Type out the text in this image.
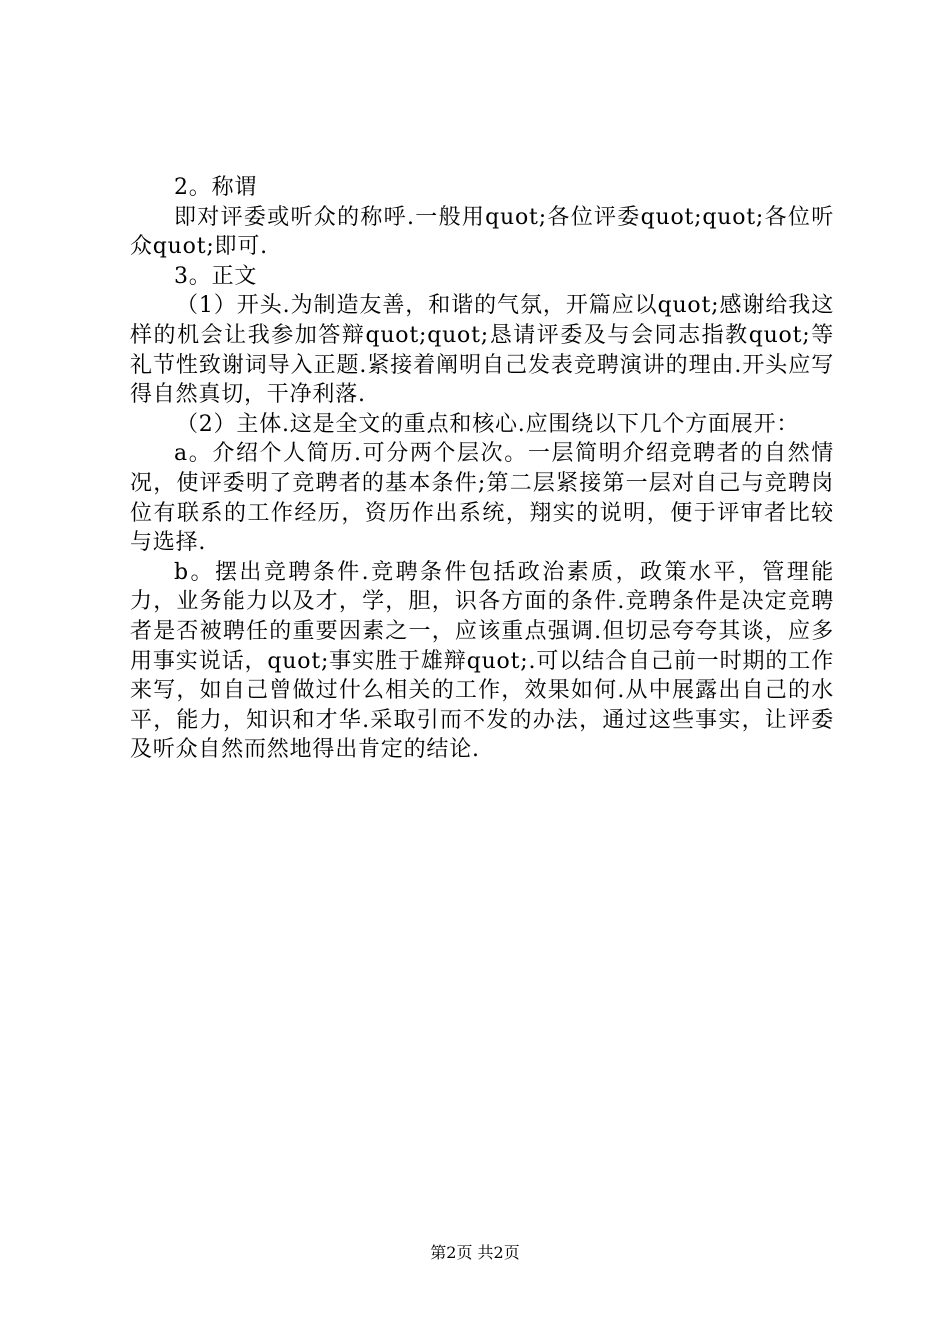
2。称谓

即对评委或听众的称呼.一般用quot;各位评委quot;quot;各位听众quot;即可.

3。正文

（1）开头.为制造友善，和谐的气氛，开篇应以quot;感谢给我这样的机会让我参加答辩quot;quot;恳请评委及与会同志指教quot;等礼节性致谢词导入正题.紧接着阐明自己发表竞聘演讲的理由.开头应写得自然真切，干净利落.

（2）主体.这是全文的重点和核心.应围绕以下几个方面展开：

a。介绍个人简历.可分两个层次。一层简明介绍竞聘者的自然情况，使评委明了竞聘者的基本条件;第二层紧接第一层对自己与竞聘岗位有联系的工作经历，资历作出系统，翔实的说明，便于评审者比较与选择.

b。摆出竞聘条件.竞聘条件包括政治素质，政策水平，管理能力，业务能力以及才，学，胆，识各方面的条件.竞聘条件是决定竞聘者是否被聘任的重要因素之一，应该重点强调.但切忌夸夸其谈，应多用事实说话，quot;事实胜于雄辩quot;.可以结合自己前一时期的工作来写，如自己曾做过什么相关的工作，效果如何.从中展露出自己的水平，能力，知识和才华.采取引而不发的办法，通过这些事实，让评委及听众自然而然地得出肯定的结论.

第2页 共2页
